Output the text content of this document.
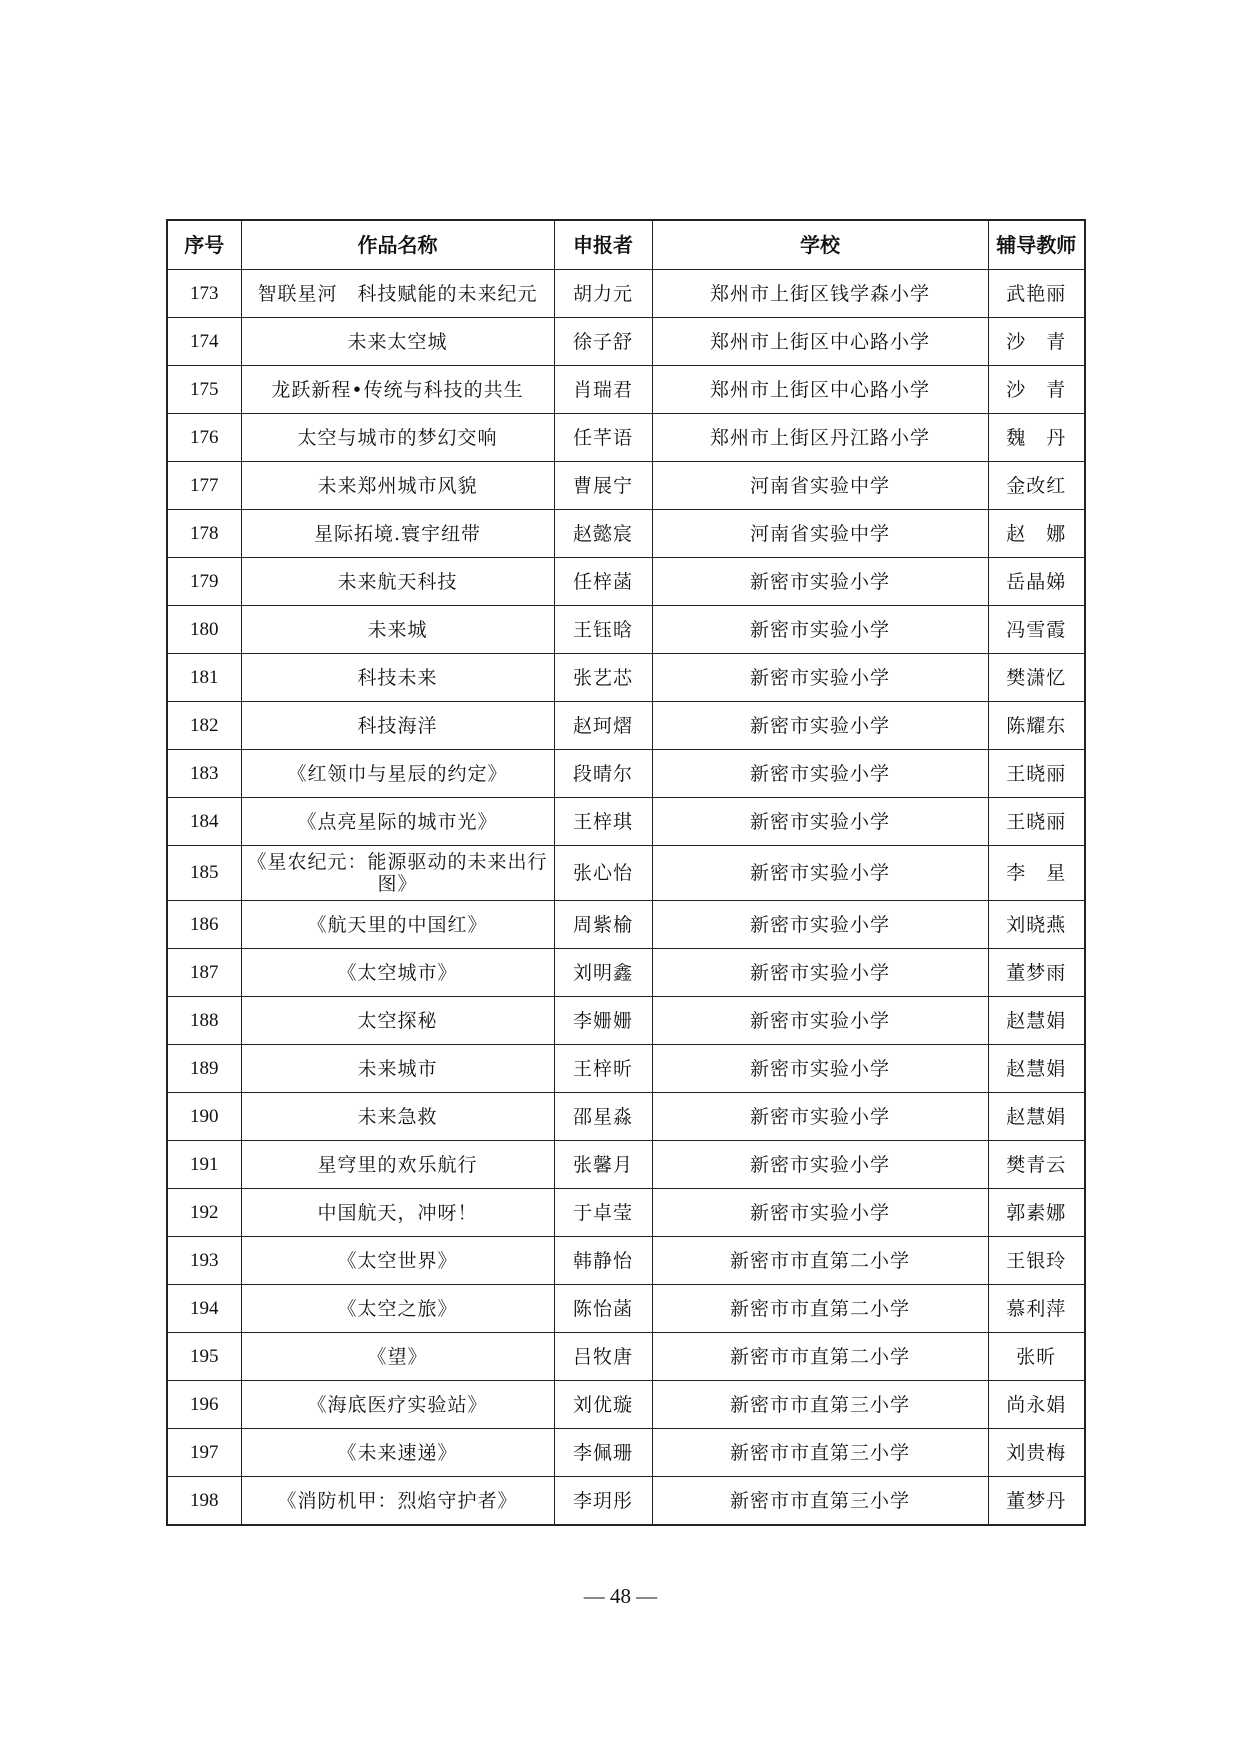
序号	作品名称	申报者	学校	辅导教师
173	智联星河　科技赋能的未来纪元	胡力元	郑州市上街区钱学森小学	武艳丽
174	未来太空城	徐子舒	郑州市上街区中心路小学	沙　青
175	龙跃新程•传统与科技的共生	肖瑞君	郑州市上街区中心路小学	沙　青
176	太空与城市的梦幻交响	任芊语	郑州市上街区丹江路小学	魏　丹
177	未来郑州城市风貌	曹展宁	河南省实验中学	金改红
178	星际拓境.寰宇纽带	赵懿宸	河南省实验中学	赵　娜
179	未来航天科技	任梓菡	新密市实验小学	岳晶娣
180	未来城	王钰晗	新密市实验小学	冯雪霞
181	科技未来	张艺芯	新密市实验小学	樊潇忆
182	科技海洋	赵珂熠	新密市实验小学	陈耀东
183	《红领巾与星辰的约定》	段晴尔	新密市实验小学	王晓丽
184	《点亮星际的城市光》	王梓琪	新密市实验小学	王晓丽
185	《星农纪元：能源驱动的未来出行图》	张心怡	新密市实验小学	李　星
186	《航天里的中国红》	周紫榆	新密市实验小学	刘晓燕
187	《太空城市》	刘明鑫	新密市实验小学	董梦雨
188	太空探秘	李姗姗	新密市实验小学	赵慧娟
189	未来城市	王梓昕	新密市实验小学	赵慧娟
190	未来急救	邵星淼	新密市实验小学	赵慧娟
191	星穹里的欢乐航行	张馨月	新密市实验小学	樊青云
192	中国航天，冲呀！	于卓莹	新密市实验小学	郭素娜
193	《太空世界》	韩静怡	新密市市直第二小学	王银玲
194	《太空之旅》	陈怡菡	新密市市直第二小学	慕利萍
195	《望》	吕牧唐	新密市市直第二小学	张昕
196	《海底医疗实验站》	刘优璇	新密市市直第三小学	尚永娟
197	《未来速递》	李佩珊	新密市市直第三小学	刘贵梅
198	《消防机甲：烈焰守护者》	李玥彤	新密市市直第三小学	董梦丹
— 48 —
